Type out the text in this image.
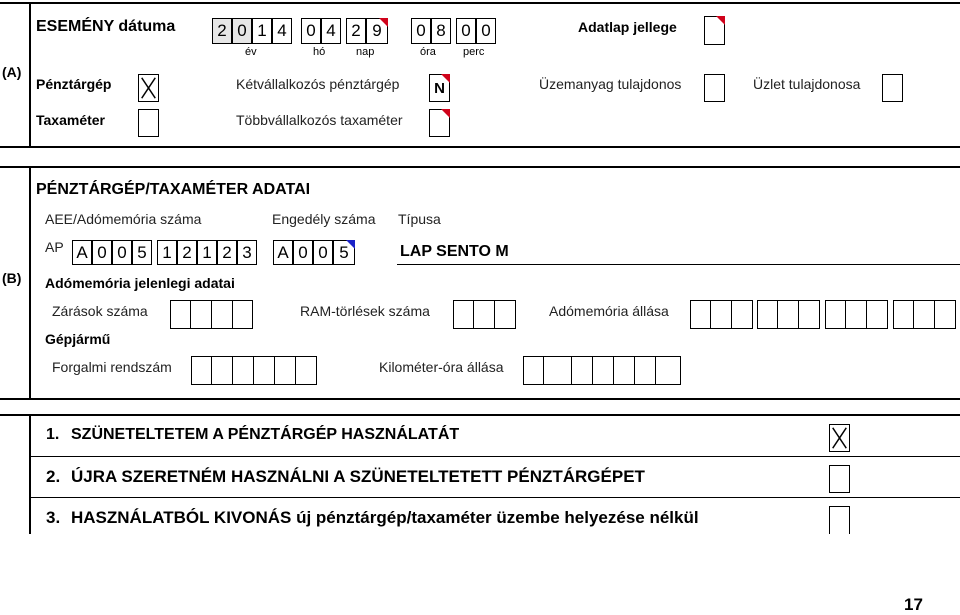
(A)
ESEMÉNY dátuma	2 0 1 4	0 4 2 9	0 8 0 0
év	hó	nap	óra perc
Adatlap jellege
Pénztárgép	Kétvállalkozós pénztárgép	N	Üzemanyag tulajdonos	Üzlet tulajdonosa
Taxaméter	Többvállalkozós taxaméter
(B)
PÉNZTÁRGÉP/TAXAMÉTER ADATAI
AEE/Adómemória száma	Engedély száma Típusa
AP A 0 0 5 1 2 1 2 3	A 0 0 5	LAP SENTO M
Adómemória jelenlegi adatai
Zárások száma	RAM-törlések száma	Adómemória állása
Gépjármű
Forgalmi rendszám	Kilométer-óra állása
1. SZÜNETELTETEM A PÉNZTÁRGÉP HASZNÁLATÁT
2. ÚJRA SZERETNÉM HASZNÁLNI A SZÜNETELTETETT PÉNZTÁRGÉPET
3. HASZNÁLATBÓL KIVONÁS új pénztárgép/taxaméter üzembe helyezése nélkül
17
